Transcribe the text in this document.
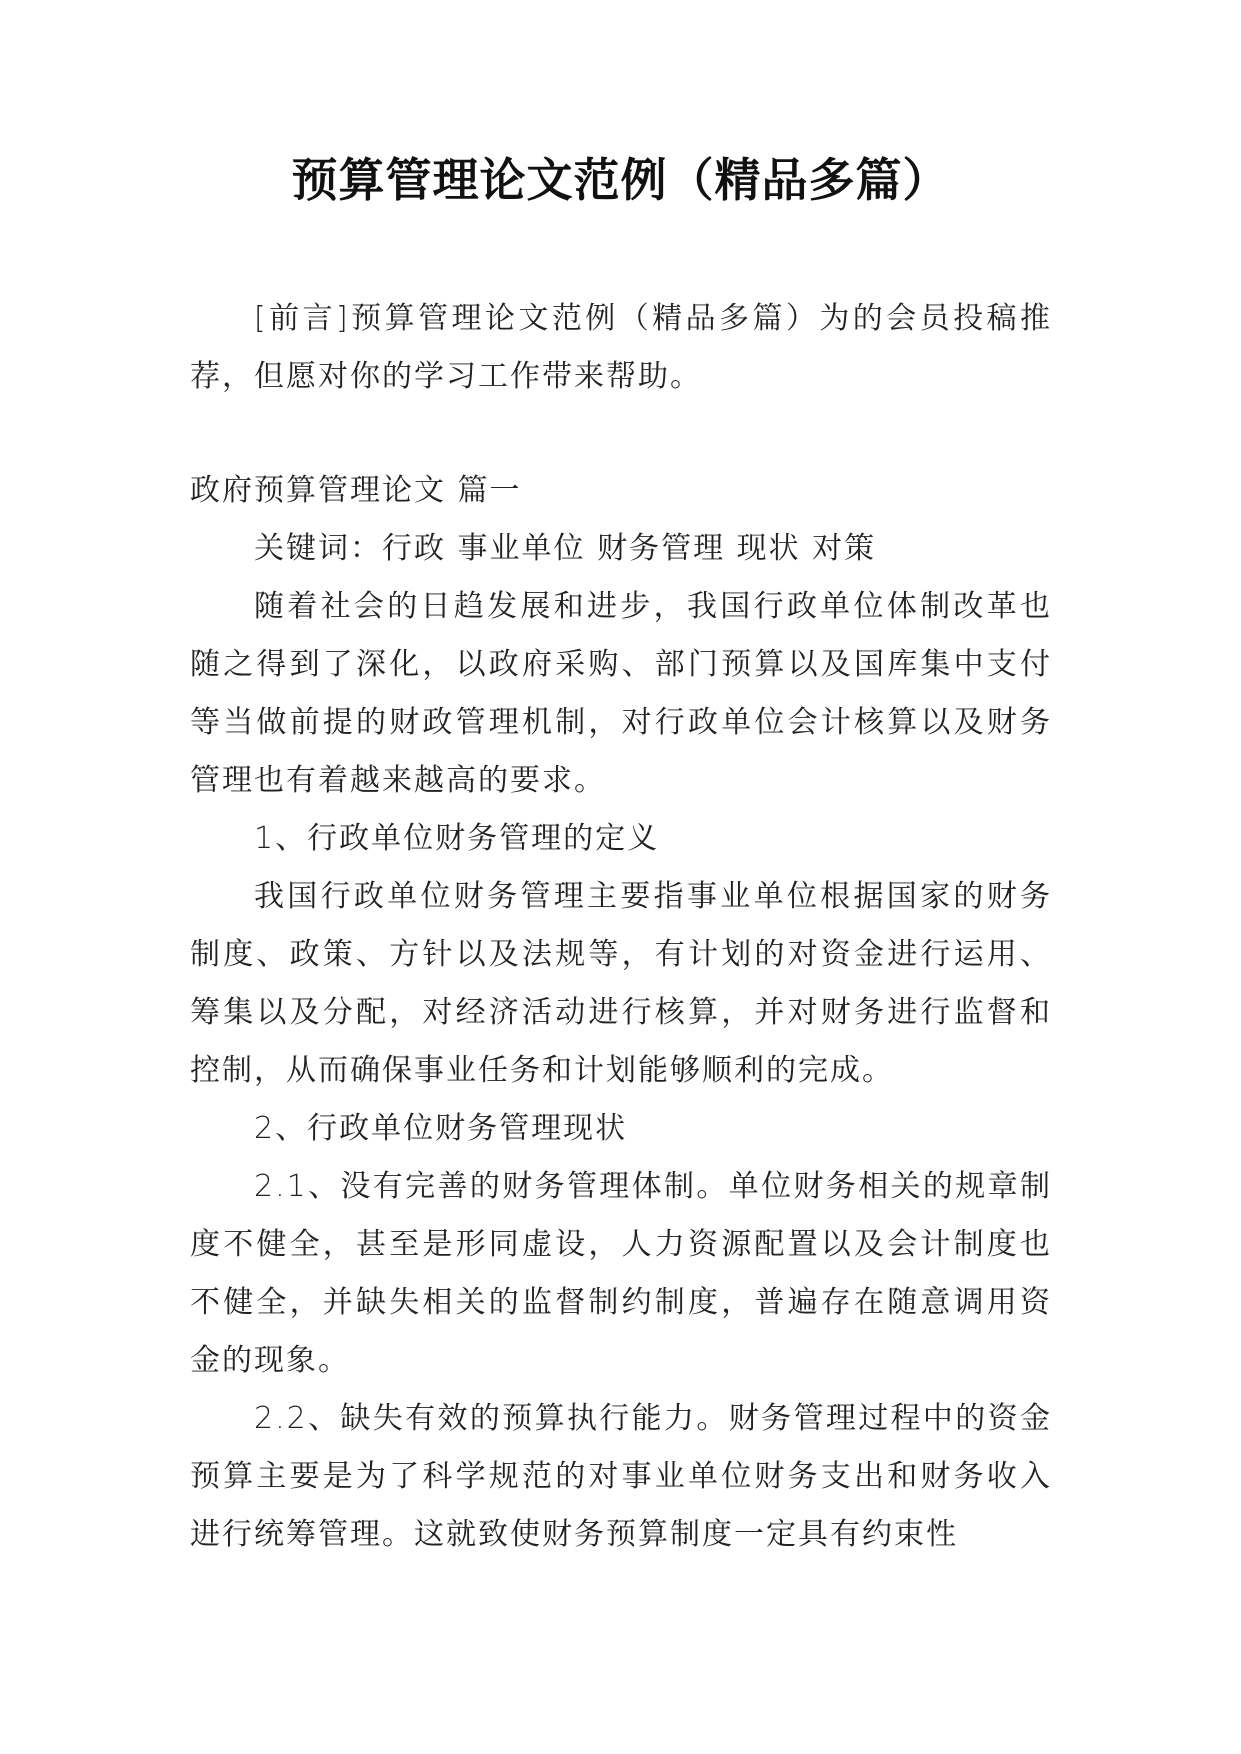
预算管理论文范例（精品多篇）

[前言]预算管理论文范例（精品多篇）为的会员投稿推荐，但愿对你的学习工作带来帮助。

政府预算管理论文 篇一

关键词：行政 事业单位 财务管理 现状 对策

随着社会的日趋发展和进步，我国行政单位体制改革也随之得到了深化，以政府采购、部门预算以及国库集中支付等当做前提的财政管理机制，对行政单位会计核算以及财务管理也有着越来越高的要求。

1、行政单位财务管理的定义

我国行政单位财务管理主要指事业单位根据国家的财务制度、政策、方针以及法规等，有计划的对资金进行运用、筹集以及分配，对经济活动进行核算，并对财务进行监督和控制，从而确保事业任务和计划能够顺利的完成。

2、行政单位财务管理现状

2.1、没有完善的财务管理体制。单位财务相关的规章制度不健全，甚至是形同虚设，人力资源配置以及会计制度也不健全，并缺失相关的监督制约制度，普遍存在随意调用资金的现象。

2.2、缺失有效的预算执行能力。财务管理过程中的资金预算主要是为了科学规范的对事业单位财务支出和财务收入进行统筹管理。这就致使财务预算制度一定具有约束性
